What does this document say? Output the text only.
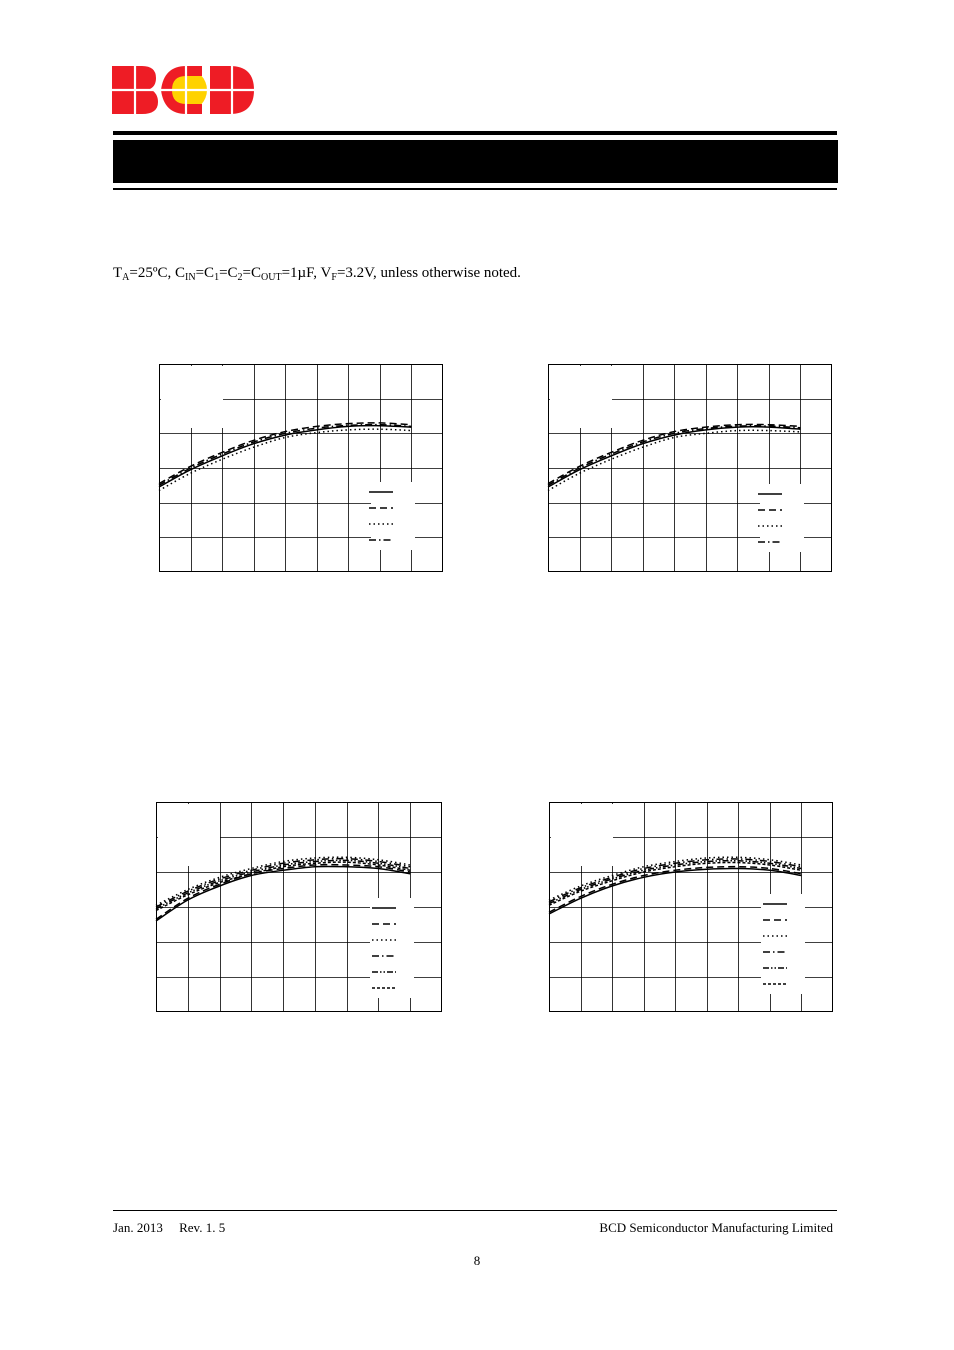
$T_A=25ºC$, $C_{IN}=C_1=C_2=C_{OUT}=1\mu F$, $V_F=3.2V$, unless otherwise noted.
Jan. 2013 Rev. 1. 5	BCD Semiconductor Manufacturing Limited
8
